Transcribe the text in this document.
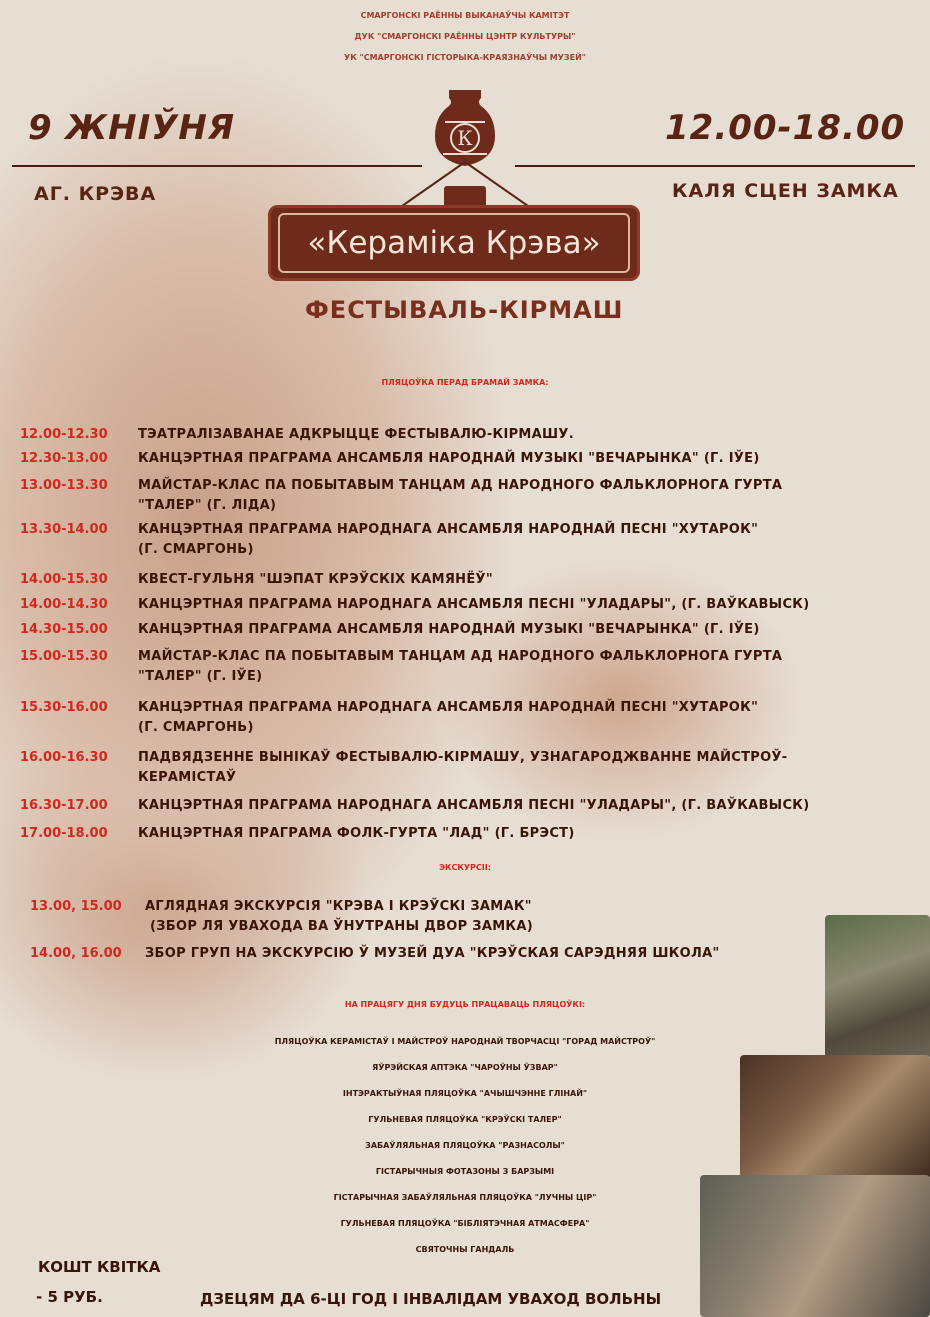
СМАРГОНСКІ РАЁННЫ ВЫКАНАЎЧЫ КАМІТЭТ
ДУК "СМАРГОНСКІ РАЁННЫ ЦЭНТР КУЛЬТУРЫ"
УК "СМАРГОНСКІ ГІСТОРЫКА-КРАЯЗНАЎЧЫ МУЗЕЙ"
9 ЖНІЎНЯ	12.00-18.00
АГ. КРЭВА	КАЛЯ СЦЕН ЗАМКА
К
«Кераміка Крэва»
ФЕСТЫВАЛЬ-КІРМАШ
ПЛЯЦОЎКА ПЕРАД БРАМАЙ ЗАМКА:
12.00-12.30 ТЭАТРАЛІЗАВАНАЕ АДКРЫЦЦЕ ФЕСТЫВАЛЮ-КІРМАШУ.
12.30-13.00 КАНЦЭРТНАЯ ПРАГРАМА АНСАМБЛЯ НАРОДНАЙ МУЗЫКІ "ВЕЧАРЫНКА" (Г. ІЎЕ)
13.00-13.30 МАЙСТАР-КЛАС ПА ПОБЫТАВЫМ ТАНЦАМ АД НАРОДНОГО ФАЛЬКЛОРНОГА ГУРТА
"ТАЛЕР" (Г. ЛІДА)
13.30-14.00 КАНЦЭРТНАЯ ПРАГРАМА НАРОДНАГА АНСАМБЛЯ НАРОДНАЙ ПЕСНІ "ХУТАРОК"
(Г. СМАРГОНЬ)
14.00-15.30 КВЕСТ-ГУЛЬНЯ "ШЭПАТ КРЭЎСКІХ КАМЯНЁЎ"
14.00-14.30 КАНЦЭРТНАЯ ПРАГРАМА НАРОДНАГА АНСАМБЛЯ ПЕСНІ "УЛАДАРЫ", (Г. ВАЎКАВЫСК)
14.30-15.00 КАНЦЭРТНАЯ ПРАГРАМА АНСАМБЛЯ НАРОДНАЙ МУЗЫКІ "ВЕЧАРЫНКА" (Г. ІЎЕ)
15.00-15.30 МАЙСТАР-КЛАС ПА ПОБЫТАВЫМ ТАНЦАМ АД НАРОДНОГО ФАЛЬКЛОРНОГА ГУРТА
"ТАЛЕР" (Г. ІЎЕ)
15.30-16.00 КАНЦЭРТНАЯ ПРАГРАМА НАРОДНАГА АНСАМБЛЯ НАРОДНАЙ ПЕСНІ "ХУТАРОК"
(Г. СМАРГОНЬ)
16.00-16.30 ПАДВЯДЗЕННЕ ВЫНІКАЎ ФЕСТЫВАЛЮ-КІРМАШУ, УЗНАГАРОДЖВАННЕ МАЙСТРОЎ-
КЕРАМІСТАЎ
16.30-17.00 КАНЦЭРТНАЯ ПРАГРАМА НАРОДНАГА АНСАМБЛЯ ПЕСНІ "УЛАДАРЫ", (Г. ВАЎКАВЫСК)
17.00-18.00 КАНЦЭРТНАЯ ПРАГРАМА ФОЛК-ГУРТА "ЛАД" (Г. БРЭСТ)
ЭКСКУРСІІ:
13.00, 15.00 АГЛЯДНАЯ ЭКСКУРСІЯ "КРЭВА І КРЭЎСКІ ЗАМАК"
(ЗБОР ЛЯ УВАХОДА ВА ЎНУТРАНЫ ДВОР ЗАМКА)
14.00, 16.00 ЗБОР ГРУП НА ЭКСКУРСІЮ Ў МУЗЕЙ ДУА "КРЭЎСКАЯ САРЭДНЯЯ ШКОЛА"
НА ПРАЦЯГУ ДНЯ БУДУЦЬ ПРАЦАВАЦЬ ПЛЯЦОЎКІ:
ПЛЯЦОЎКА КЕРАМІСТАЎ І МАЙСТРОЎ НАРОДНАЙ ТВОРЧАСЦІ "ГОРАД МАЙСТРОЎ"
ЯЎРЭЙСКАЯ АПТЭКА "ЧАРОЎНЫ ЎЗВАР"
ІНТЭРАКТЫЎНАЯ ПЛЯЦОЎКА "АЧЫШЧЭННЕ ГЛІНАЙ"
ГУЛЬНЕВАЯ ПЛЯЦОЎКА "КРЭЎСКІ ТАЛЕР"
ЗАБАЎЛЯЛЬНАЯ ПЛЯЦОЎКА "РАЗНАСОЛЫ"
ГІСТАРЫЧНЫЯ ФОТАЗОНЫ З БАРЗЫМІ
ГІСТАРЫЧНАЯ ЗАБАЎЛЯЛЬНАЯ ПЛЯЦОЎКА "ЛУЧНЫ ЦІР"
ГУЛЬНЕВАЯ ПЛЯЦОЎКА "БІБЛІЯТЭЧНАЯ АТМАСФЕРА"
СВЯТОЧНЫ ГАНДАЛЬ
КОШТ КВІТКА
- 5 РУБ.	ДЗЕЦЯМ ДА 6-ЦІ ГОД І ІНВАЛІДАМ УВАХОД ВОЛЬНЫ
